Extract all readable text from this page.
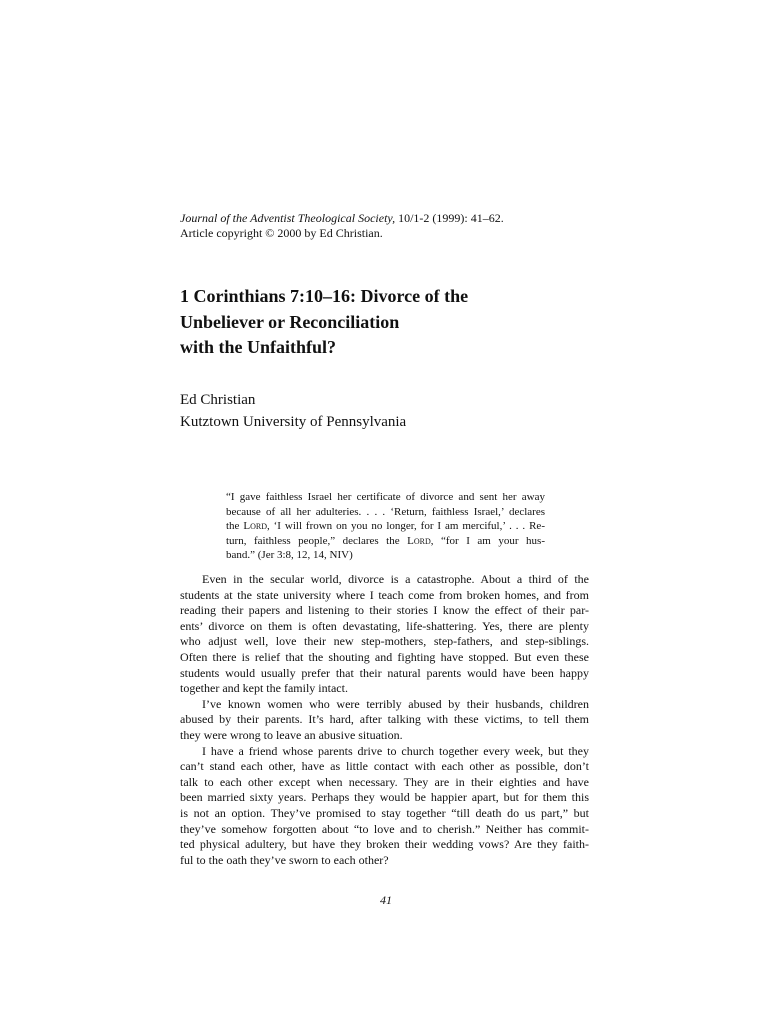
Journal of the Adventist Theological Society, 10/1-2 (1999): 41–62.
Article copyright © 2000 by Ed Christian.
1 Corinthians 7:10–16: Divorce of the
Unbeliever or Reconciliation
with the Unfaithful?
Ed Christian
Kutztown University of Pennsylvania
“I gave faithless Israel her certificate of divorce and sent her away
because of all her adulteries. . . . ‘Return, faithless Israel,’ declares
the Lord, ‘I will frown on you no longer, for I am merciful,’ . . . Re-
turn, faithless people,” declares the Lord, “for I am your hus-
band.” (Jer 3:8, 12, 14, NIV)
Even in the secular world, divorce is a catastrophe. About a third of the
students at the state university where I teach come from broken homes, and from
reading their papers and listening to their stories I know the effect of their par-
ents’ divorce on them is often devastating, life-shattering. Yes, there are plenty
who adjust well, love their new step-mothers, step-fathers, and step-siblings.
Often there is relief that the shouting and fighting have stopped. But even these
students would usually prefer that their natural parents would have been happy
together and kept the family intact.
I’ve known women who were terribly abused by their husbands, children
abused by their parents. It’s hard, after talking with these victims, to tell them
they were wrong to leave an abusive situation.
I have a friend whose parents drive to church together every week, but they
can’t stand each other, have as little contact with each other as possible, don’t
talk to each other except when necessary. They are in their eighties and have
been married sixty years. Perhaps they would be happier apart, but for them this
is not an option. They’ve promised to stay together “till death do us part,” but
they’ve somehow forgotten about “to love and to cherish.” Neither has commit-
ted physical adultery, but have they broken their wedding vows? Are they faith-
ful to the oath they’ve sworn to each other?
41
